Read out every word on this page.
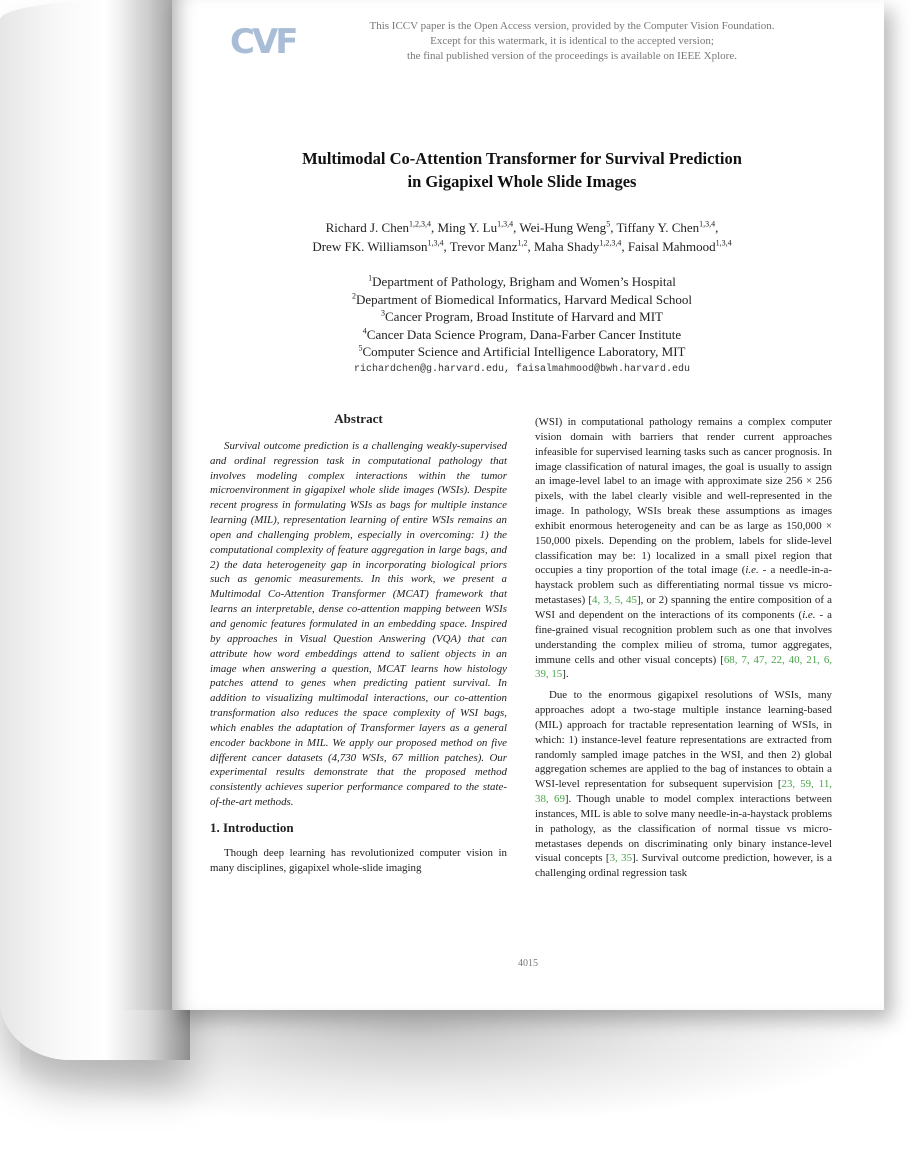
CVF	This ICCV paper is the Open Access version, provided by the Computer Vision Foundation.
Except for this watermark, it is identical to the accepted version;
the final published version of the proceedings is available on IEEE Xplore.
Multimodal Co-Attention Transformer for Survival Prediction
in Gigapixel Whole Slide Images
Richard J. Chen$^{1,2,3,4}$, Ming Y. Lu$^{1,3,4}$, Wei-Hung Weng$^5$, Tiffany Y. Chen$^{1,3,4}$,
Drew FK. Williamson$^{1,3,4}$, Trevor Manz$^{1,2}$, Maha Shady$^{1,2,3,4}$, Faisal Mahmood$^{1,3,4}$
$^1$Department of Pathology, Brigham and Women’s Hospital
$^2$Department of Biomedical Informatics, Harvard Medical School
$^3$Cancer Program, Broad Institute of Harvard and MIT
$^4$Cancer Data Science Program, Dana-Farber Cancer Institute
$^5$Computer Science and Artificial Intelligence Laboratory, MIT
richardchen@g.harvard.edu, faisalmahmood@bwh.harvard.edu
Abstract

Survival outcome prediction is a challenging weakly-supervised and ordinal regression task in computational pathology that involves modeling complex interactions within the tumor microenvironment in gigapixel whole slide images (WSIs). Despite recent progress in formulating WSIs as bags for multiple instance learning (MIL), representation learning of entire WSIs remains an open and challenging problem, especially in overcoming: 1) the computational complexity of feature aggregation in large bags, and 2) the data heterogeneity gap in incorporating biological priors such as genomic measurements. In this work, we present a Multimodal Co-Attention Transformer (MCAT) framework that learns an interpretable, dense co-attention mapping between WSIs and genomic features formulated in an embedding space. Inspired by approaches in Visual Question Answering (VQA) that can attribute how word embeddings attend to salient objects in an image when answering a question, MCAT learns how histology patches attend to genes when predicting patient survival. In addition to visualizing multimodal interactions, our co-attention transformation also reduces the space complexity of WSI bags, which enables the adaptation of Transformer layers as a general encoder backbone in MIL. We apply our proposed method on five different cancer datasets (4,730 WSIs, 67 million patches). Our experimental results demonstrate that the proposed method consistently achieves superior performance compared to the state-of-the-art methods.

1. Introduction

Though deep learning has revolutionized computer vision in many disciplines, gigapixel whole-slide imaging

(WSI) in computational pathology remains a complex computer vision domain with barriers that render current approaches infeasible for supervised learning tasks such as cancer prognosis. In image classification of natural images, the goal is usually to assign an image-level label to an image with approximate size 256 × 256 pixels, with the label clearly visible and well-represented in the image. In pathology, WSIs break these assumptions as images exhibit enormous heterogeneity and can be as large as 150,000 × 150,000 pixels. Depending on the problem, labels for slide-level classification may be: 1) localized in a small pixel region that occupies a tiny proportion of the total image (i.e. - a needle-in-a-haystack problem such as differentiating normal tissue vs micro-metastases) [4, 3, 5, 45], or 2) spanning the entire composition of a WSI and dependent on the interactions of its components (i.e. - a fine-grained visual recognition problem such as one that involves understanding the complex milieu of stroma, tumor aggregates, immune cells and other visual concepts) [68, 7, 47, 22, 40, 21, 6, 39, 15].

Due to the enormous gigapixel resolutions of WSIs, many approaches adopt a two-stage multiple instance learning-based (MIL) approach for tractable representation learning of WSIs, in which: 1) instance-level feature representations are extracted from randomly sampled image patches in the WSI, and then 2) global aggregation schemes are applied to the bag of instances to obtain a WSI-level representation for subsequent supervision [23, 59, 11, 38, 69]. Though unable to model complex interactions between instances, MIL is able to solve many needle-in-a-haystack problems in pathology, as the classification of normal tissue vs micro-metastases depends on discriminating only binary instance-level visual concepts [3, 35]. Survival outcome prediction, however, is a challenging ordinal regression task

4015
